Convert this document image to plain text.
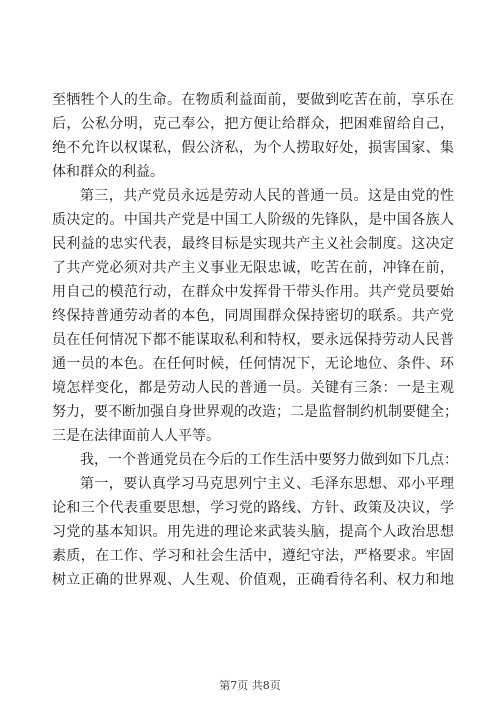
至牺牲个人的生命。在物质利益面前，要做到吃苦在前，享乐在
后，公私分明，克己奉公，把方便让给群众，把困难留给自己，
绝不允许以权谋私，假公济私，为个人捞取好处，损害国家、集
体和群众的利益。
第三，共产党员永远是劳动人民的普通一员。这是由党的性
质决定的。中国共产党是中国工人阶级的先锋队，是中国各族人
民利益的忠实代表，最终目标是实现共产主义社会制度。这决定
了共产党必须对共产主义事业无限忠诚，吃苦在前，冲锋在前，
用自己的模范行动，在群众中发挥骨干带头作用。共产党员要始
终保持普通劳动者的本色，同周围群众保持密切的联系。共产党
员在任何情况下都不能谋取私利和特权，要永远保持劳动人民普
通一员的本色。在任何时候，任何情况下，无论地位、条件、环
境怎样变化，都是劳动人民的普通一员。关键有三条：一是主观
努力，要不断加强自身世界观的改造；二是监督制约机制要健全；
三是在法律面前人人平等。
我，一个普通党员在今后的工作生活中要努力做到如下几点：
第一，要认真学习马克思列宁主义、毛泽东思想、邓小平理
论和三个代表重要思想，学习党的路线、方针、政策及决议，学
习党的基本知识。用先进的理论来武装头脑，提高个人政治思想
素质，在工作、学习和社会生活中，遵纪守法，严格要求。牢固
树立正确的世界观、人生观、价值观，正确看待名利、权力和地
第7页 共8页
